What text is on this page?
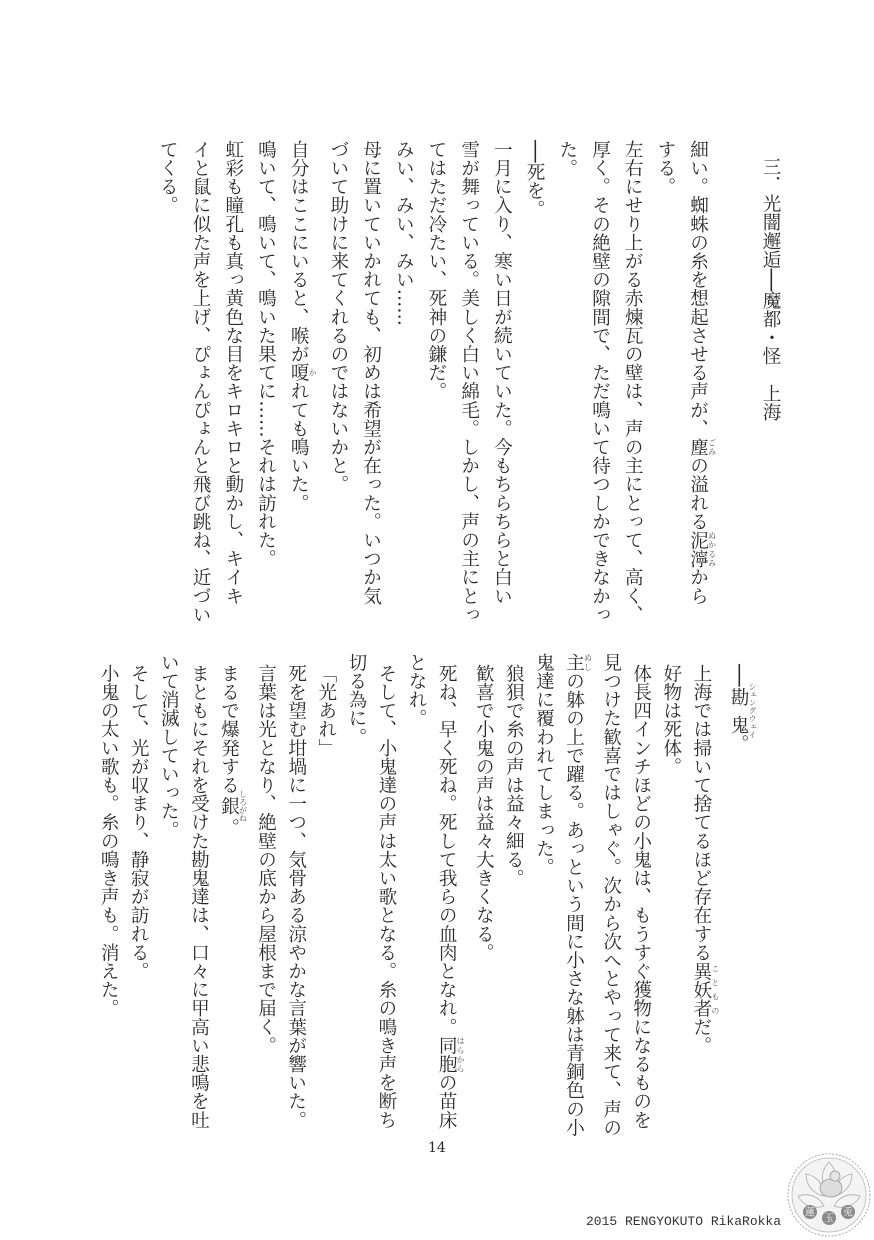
三．光闇邂逅──魔都・怪　上海
細い。蜘蛛の糸を想起させる声が、塵 ごみの溢れる泥濘 ぬかるみから
する。
左右にせり上がる赤煉瓦の壁は、声の主にとって、高く、
厚く。その絶壁の隙間で、ただ鳴いて待つしかできなかっ
た。
──死を。
一月に入り、寒い日が続いていた。今もちらちらと白い
雪が舞っている。美しく白い綿毛。しかし、声の主にとっ
てはただ冷たい、死神の鎌だ。
みい、みい、みい……
母に置いていかれても、初めは希望が在った。いつか気
づいて助けに来てくれるのではないかと。
自分はここにいると、喉が嗄 かれても鳴いた。
鳴いて、鳴いて、鳴いた果てに……それは訪れた。
虹彩も瞳孔も真っ黄色な目をキロキロと動かし、キイキ
イと鼠に似た声を上げ、ぴょんぴょんと飛び跳ね、近づい
てくる。
──勘鬼 シェングウェイ。
上海では掃いて捨てるほど存在する異妖者 ことものだ。
好物は死体。
体長四インチほどの小鬼は、もうすぐ獲物になるものを
見つけた歓喜ではしゃぐ。次から次へとやって来て、声の
主 ぬしの躰の上で躍る。あっという間に小さな躰は青銅色の小
鬼達に覆われてしまった。
狼狽で糸の声は益々細る。
歓喜で小鬼の声は益々大きくなる。
死ね、早く死ね。死して我らの血肉となれ。同胞 はらからの苗床
となれ。
そして、小鬼達の声は太い歌となる。糸の鳴き声を断ち
切る為に。
「光あれ」
死を望む坩堝に一つ、気骨ある涼やかな言葉が響いた。
言葉は光となり、絶壁の底から屋根まで届く。
まるで爆発する銀 しろがね。
まともにそれを受けた勘鬼達は、口々に甲高い悲鳴を吐
いて消滅していった。
そして、光が収まり、静寂が訪れる。
小鬼の太い歌も。糸の鳴き声も。消えた。
14
2015 RENGYOKUTO RikaRokka
蓮
玉
兎
